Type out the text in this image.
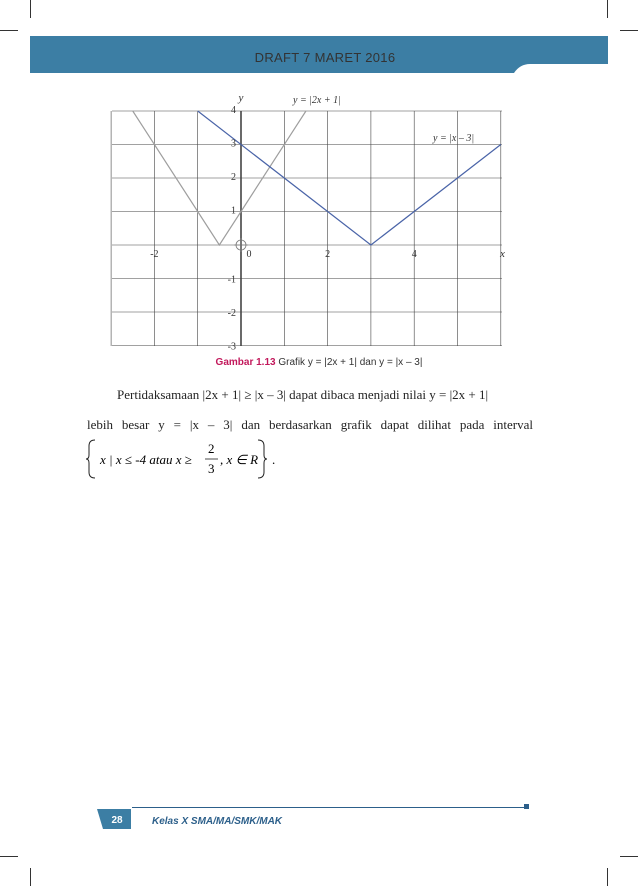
DRAFT 7 MARET 2016
-2	0	2	4
4
3
2
1
-1
-2
-3
x
y	y = |2x + 1|
y = |x – 3|
Gambar 1.13 Grafik y = |2x + 1| dan y = |x – 3|
Pertidaksamaan |2x + 1| ≥ |x – 3| dapat dibaca menjadi nilai y = |2x + 1|
lebih besar y = |x – 3| dan berdasarkan grafik dapat dilihat pada interval
x | x ≤ -4 atau x ≥
2
3
, x ∈ R .
28	Kelas X SMA/MA/SMK/MAK
